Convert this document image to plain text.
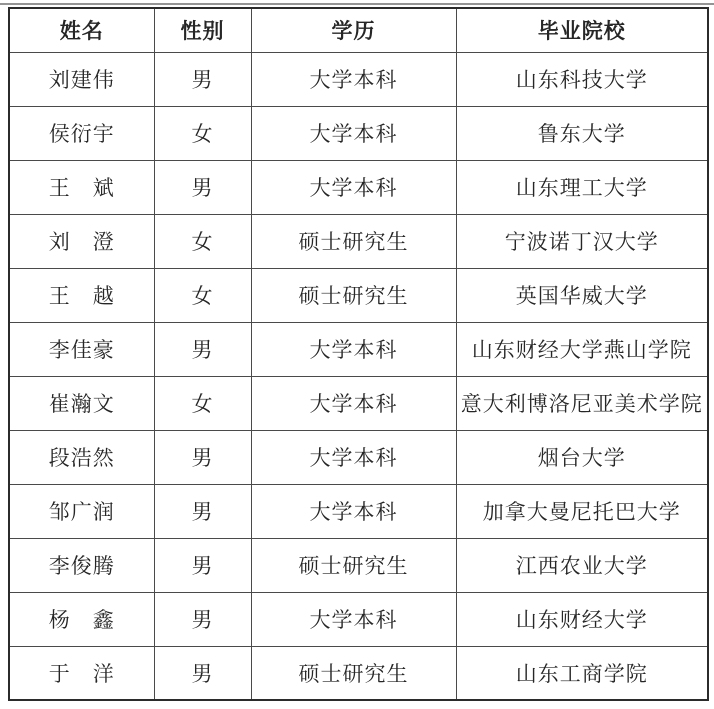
姓名	性别	学历	毕业院校
刘建伟	男	大学本科	山东科技大学
侯衍宇	女	大学本科	鲁东大学
王　斌	男	大学本科	山东理工大学
刘　澄	女	硕士研究生	宁波诺丁汉大学
王　越	女	硕士研究生	英国华威大学
李佳豪	男	大学本科	山东财经大学燕山学院
崔瀚文	女	大学本科	意大利博洛尼亚美术学院
段浩然	男	大学本科	烟台大学
邹广润	男	大学本科	加拿大曼尼托巴大学
李俊腾	男	硕士研究生	江西农业大学
杨　鑫	男	大学本科	山东财经大学
于　洋	男	硕士研究生	山东工商学院
